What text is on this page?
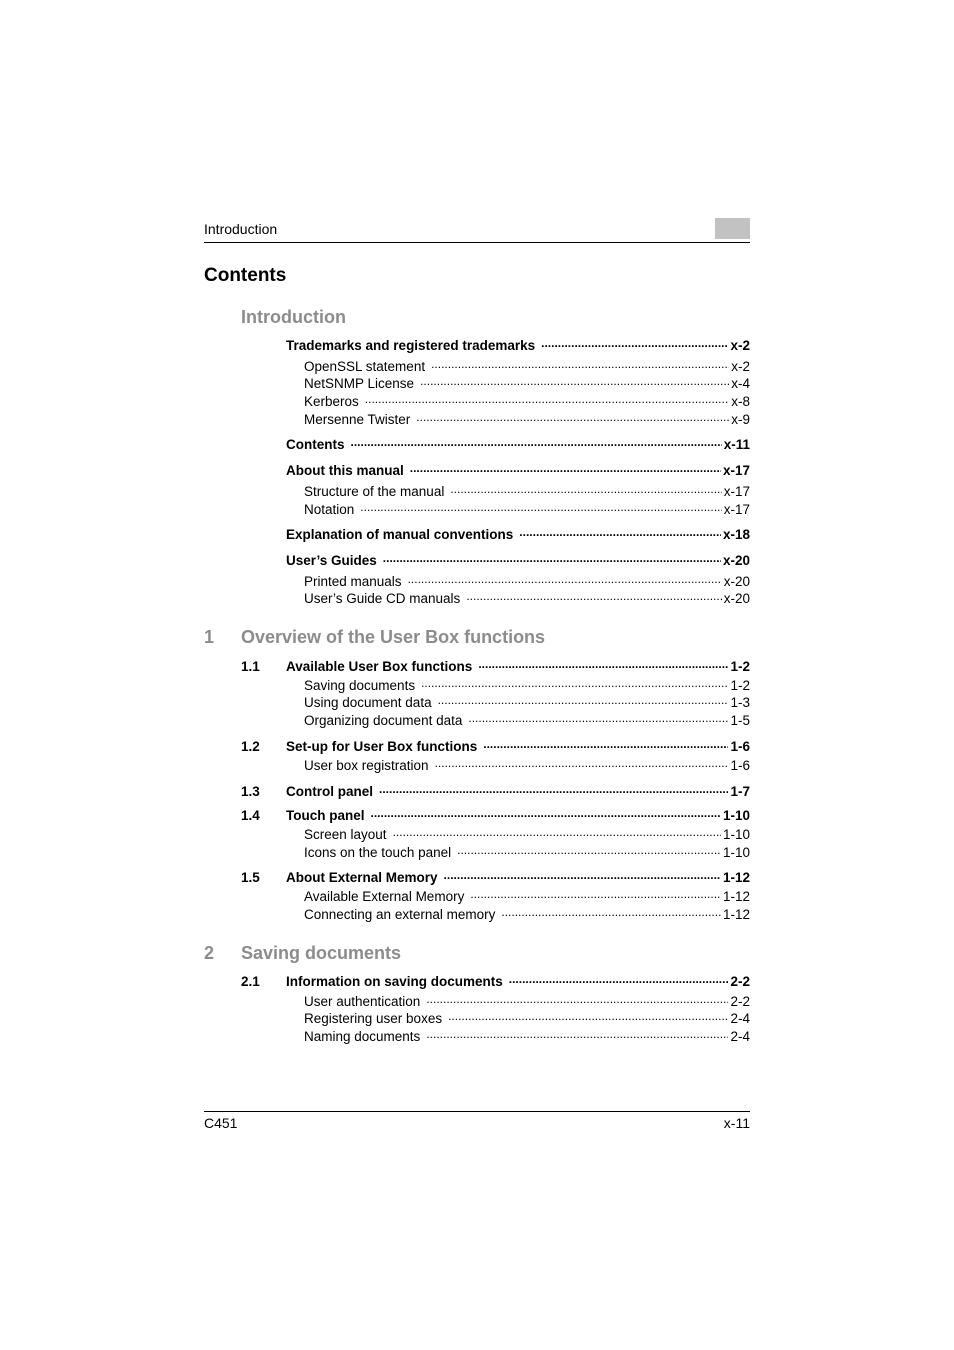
Introduction
Contents
Introduction
Trademarks and registered trademarks .....	x-2
OpenSSL statement .....	x-2
NetSNMP License .....	x-4
Kerberos .....	x-8
Mersenne Twister .....	x-9
Contents .....	x-11
About this manual .....	x-17
Structure of the manual .....	x-17
Notation .....	x-17
Explanation of manual conventions .....	x-18
User’s Guides .....	x-20
Printed manuals .....	x-20
User’s Guide CD manuals .....	x-20
1 Overview of the User Box functions
1.1 Available User Box functions .....	1-2
Saving documents .....	1-2
Using document data .....	1-3
Organizing document data .....	1-5
1.2 Set-up for User Box functions .....	1-6
User box registration .....	1-6
1.3 Control panel .....	1-7
1.4 Touch panel .....	1-10
Screen layout .....	1-10
Icons on the touch panel .....	1-10
1.5 About External Memory .....	1-12
Available External Memory .....	1-12
Connecting an external memory .....	1-12
2 Saving documents
2.1 Information on saving documents .....	2-2
User authentication .....	2-2
Registering user boxes .....	2-4
Naming documents .....	2-4
C451	x-11
